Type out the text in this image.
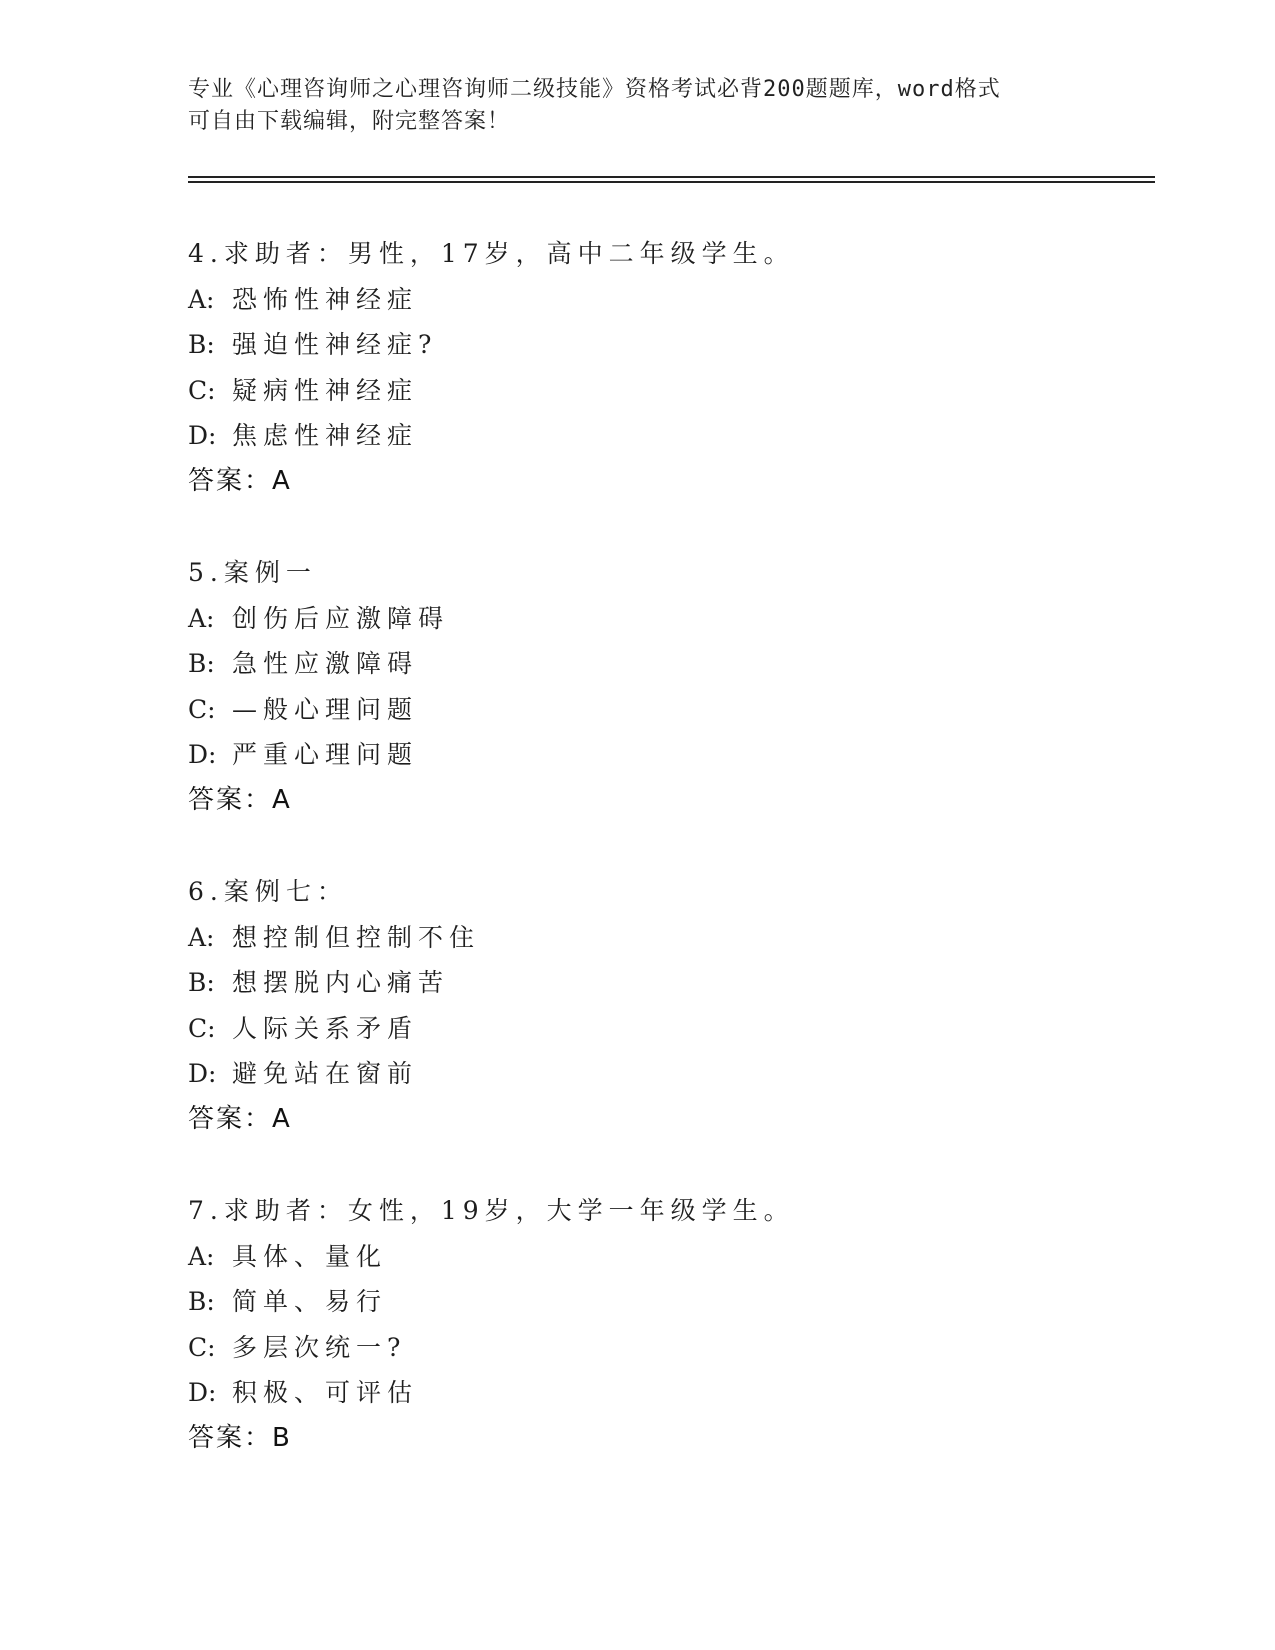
专业《心理咨询师之心理咨询师二级技能》资格考试必背200题题库，word格式
可自由下载编辑，附完整答案！
4.求助者：男性，17岁，高中二年级学生。
A: 恐怖性神经症
B: 强迫性神经症?
C: 疑病性神经症
D: 焦虑性神经症
答案：A
5.案例一
A: 创伤后应激障碍
B: 急性应激障碍
C: —般心理问题
D: 严重心理问题
答案：A
6.案例七：
A: 想控制但控制不住
B: 想摆脱内心痛苦
C: 人际关系矛盾
D: 避免站在窗前
答案：A
7.求助者：女性，19岁，大学一年级学生。
A: 具体、量化
B: 简单、易行
C: 多层次统一?
D: 积极、可评估
答案：B
